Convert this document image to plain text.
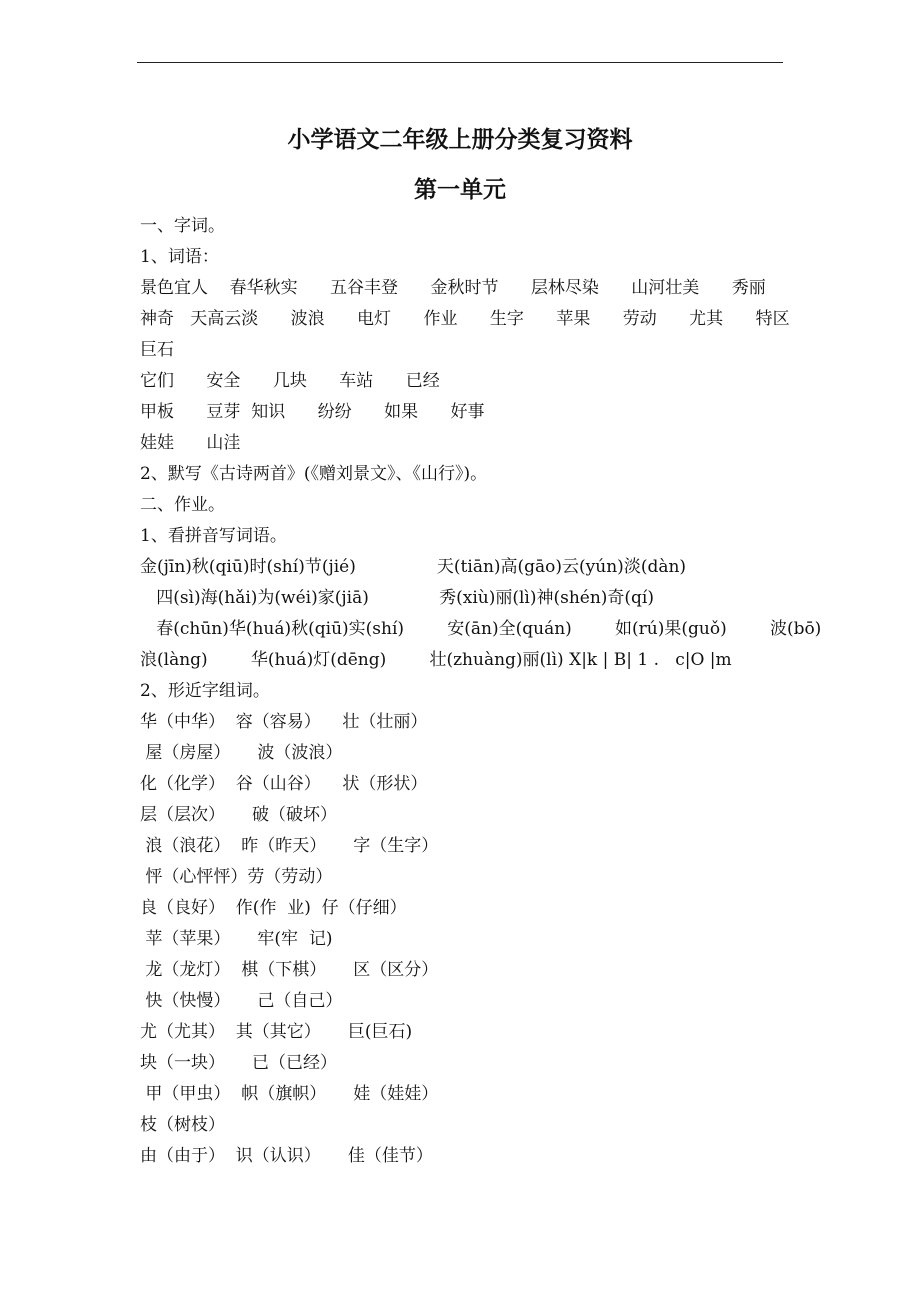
小学语文二年级上册分类复习资料
第一单元
一、字词。
1、词语：
景色宜人    春华秋实      五谷丰登      金秋时节      层林尽染      山河壮美      秀丽
神奇   天高云淡      波浪      电灯      作业      生字      苹果      劳动      尤其      特区
巨石
它们      安全      几块      车站      已经
甲板      豆芽  知识      纷纷      如果      好事
娃娃      山洼
2、默写《古诗两首》(《赠刘景文》、《山行》)。
二、作业。
1、看拼音写词语。
金(jīn)秋(qiū)时(shí)节(jié)               天(tiān)高(gāo)云(yún)淡(dàn)
四(sì)海(hǎi)为(wéi)家(jiā)             秀(xiù)丽(lì)神(shén)奇(qí)
春(chūn)华(huá)秋(qiū)实(shí)        安(ān)全(quán)        如(rú)果(guǒ)        波(bō)
浪(làng)        华(huá)灯(dēng)        壮(zhuàng)丽(lì) X|k | B| 1 .   c|O |m
2、形近字组词。
华（中华）  容（容易）    壮（壮丽）
屋（房屋）     波（波浪）
化（化学）  谷（山谷）    状（形状）
层（层次）     破（破坏）
浪（浪花）  昨（昨天）     字（生字）
怦（心怦怦）劳（劳动）
良（良好）  作(作  业)  仔（仔细）
苹（苹果）     牢(牢  记)
龙（龙灯）  棋（下棋）     区（区分）
快（快慢）     己（自己）
尤（尤其）  其（其它）     巨(巨石)
块（一块）     已（已经）
甲（甲虫）  帜（旗帜）     娃（娃娃）
枝（树枝）
由（由于）  识（认识）     佳（佳节）
